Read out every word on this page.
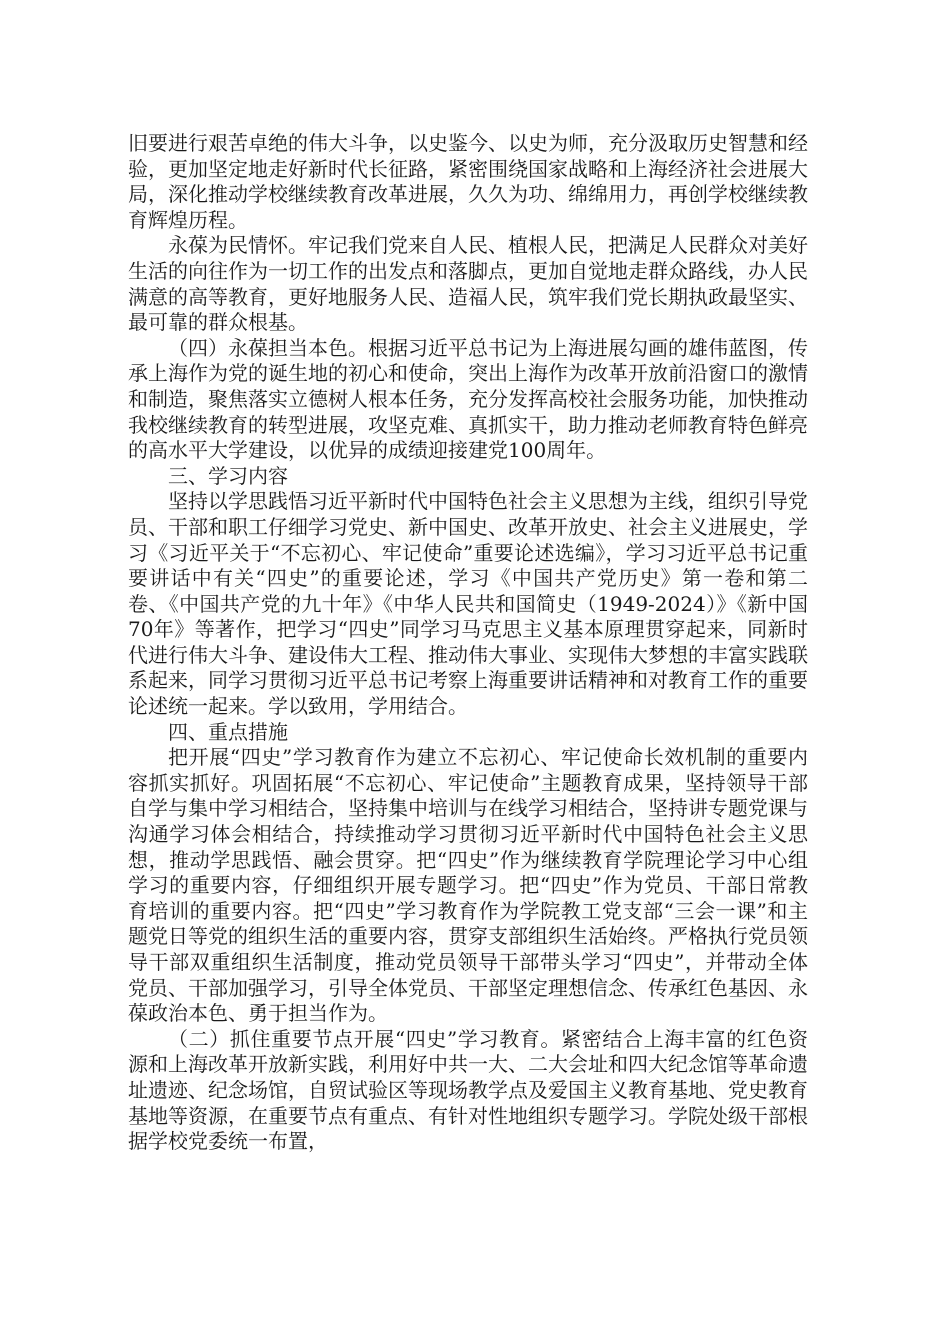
旧要进行艰苦卓绝的伟大斗争，以史鉴今、以史为师，充分汲取历史智慧和经验，更加坚定地走好新时代长征路，紧密围绕国家战略和上海经济社会进展大局，深化推动学校继续教育改革进展，久久为功、绵绵用力，再创学校继续教育辉煌历程。

永葆为民情怀。牢记我们党来自人民、植根人民，把满足人民群众对美好生活的向往作为一切工作的出发点和落脚点，更加自觉地走群众路线，办人民满意的高等教育，更好地服务人民、造福人民，筑牢我们党长期执政最坚实、最可靠的群众根基。

（四）永葆担当本色。根据习近平总书记为上海进展勾画的雄伟蓝图，传承上海作为党的诞生地的初心和使命，突出上海作为改革开放前沿窗口的激情和制造，聚焦落实立德树人根本任务，充分发挥高校社会服务功能，加快推动我校继续教育的转型进展，攻坚克难、真抓实干，助力推动老师教育特色鲜亮的高水平大学建设，以优异的成绩迎接建党100周年。

三、学习内容

坚持以学思践悟习近平新时代中国特色社会主义思想为主线，组织引导党员、干部和职工仔细学习党史、新中国史、改革开放史、社会主义进展史，学习《习近平关于“不忘初心、牢记使命”重要论述选编》，学习习近平总书记重要讲话中有关“四史”的重要论述，学习《中国共产党历史》第一卷和第二卷、《中国共产党的九十年》《中华人民共和国简史（1949-2024）》《新中国70年》等著作，把学习“四史”同学习马克思主义基本原理贯穿起来，同新时代进行伟大斗争、建设伟大工程、推动伟大事业、实现伟大梦想的丰富实践联系起来，同学习贯彻习近平总书记考察上海重要讲话精神和对教育工作的重要论述统一起来。学以致用，学用结合。

四、重点措施

把开展“四史”学习教育作为建立不忘初心、牢记使命长效机制的重要内容抓实抓好。巩固拓展“不忘初心、牢记使命”主题教育成果，坚持领导干部自学与集中学习相结合，坚持集中培训与在线学习相结合，坚持讲专题党课与沟通学习体会相结合，持续推动学习贯彻习近平新时代中国特色社会主义思想，推动学思践悟、融会贯穿。把“四史”作为继续教育学院理论学习中心组学习的重要内容，仔细组织开展专题学习。把“四史”作为党员、干部日常教育培训的重要内容。把“四史”学习教育作为学院教工党支部“三会一课”和主题党日等党的组织生活的重要内容，贯穿支部组织生活始终。严格执行党员领导干部双重组织生活制度，推动党员领导干部带头学习“四史”，并带动全体党员、干部加强学习，引导全体党员、干部坚定理想信念、传承红色基因、永葆政治本色、勇于担当作为。

（二）抓住重要节点开展“四史”学习教育。紧密结合上海丰富的红色资源和上海改革开放新实践，利用好中共一大、二大会址和四大纪念馆等革命遗址遗迹、纪念场馆，自贸试验区等现场教学点及爱国主义教育基地、党史教育基地等资源，在重要节点有重点、有针对性地组织专题学习。学院处级干部根据学校党委统一布置，
